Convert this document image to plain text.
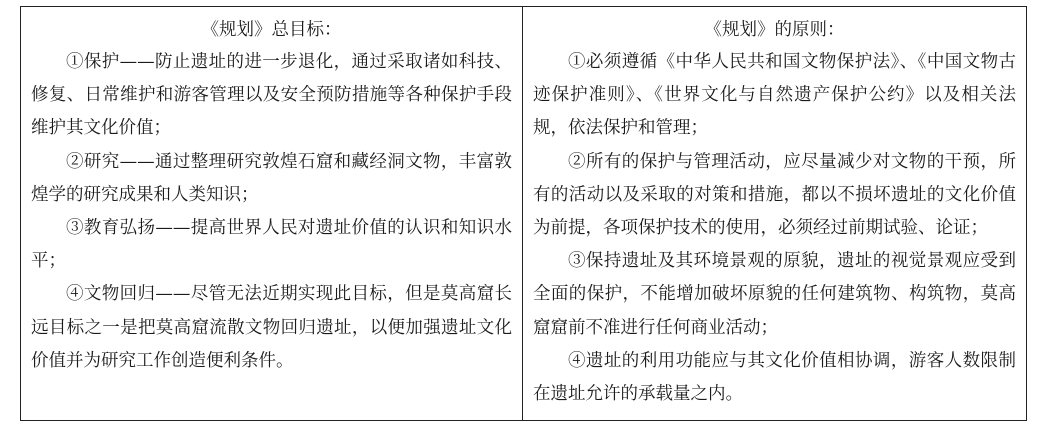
《规划》总目标：

①保护——防止遗址的进一步退化，通过采取诸如科技、修复、日常维护和游客管理以及安全预防措施等各种保护手段维护其文化价值；

②研究——通过整理研究敦煌石窟和藏经洞文物，丰富敦煌学的研究成果和人类知识；

③教育弘扬——提高世界人民对遗址价值的认识和知识水平；

④文物回归——尽管无法近期实现此目标，但是莫高窟长远目标之一是把莫高窟流散文物回归遗址，以便加强遗址文化价值并为研究工作创造便利条件。

《规划》的原则：

①必须遵循《中华人民共和国文物保护法》、《中国文物古迹保护准则》、《世界文化与自然遗产保护公约》以及相关法规，依法保护和管理；

②所有的保护与管理活动，应尽量减少对文物的干预，所有的活动以及采取的对策和措施，都以不损坏遗址的文化价值为前提，各项保护技术的使用，必须经过前期试验、论证；

③保持遗址及其环境景观的原貌，遗址的视觉景观应受到全面的保护，不能增加破坏原貌的任何建筑物、构筑物，莫高窟窟前不准进行任何商业活动；

④遗址的利用功能应与其文化价值相协调，游客人数限制在遗址允许的承载量之内。
